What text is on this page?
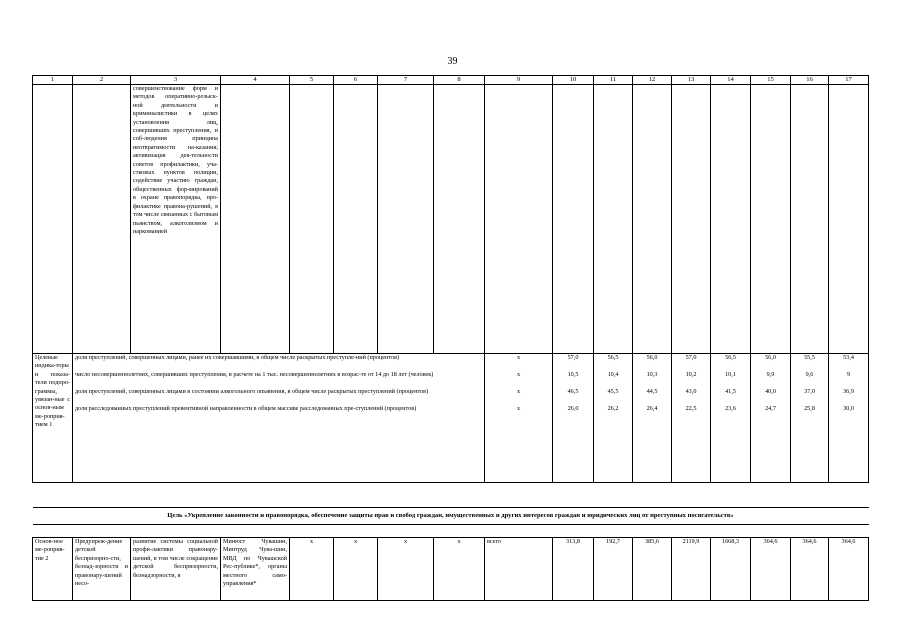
39
1	2	3	4	5	6	7	8	9	10	11	12	13	14	15	16	17
		совершенствование форм и методов оперативно-розыск-ной деятельности и криминалистики в целях установления лиц, совершивших преступления, и соб-людения принципа неотвратимости на-казания; активизация дея-тельности советов профилактики, уча-стковых пунктов полиции, содействие участию граждан, общественных фор-мирований в охране правопорядка, про-филактике правона-рушений, в том числе связанных с бытовым пьянством, алкоголизмом и наркоманией														
Целевые индика-торы и показа-тели подпро-граммы, увязан-ные с основ-ным ме-роприя-тием 1	доля преступлений, совершенных лицами, ранее их совершавшими, в общем числе раскрытых преступле-ний (процентов)							х	57,0	56,5	56,0	57,0	56,5	56,0	55,5	53,4
	число несовершеннолетних, совершивших преступления, в расчете на 1 тыс. несовершеннолетних в возрас-те от 14 до 18 лет (человек)							х	10,5	10,4	10,3	10,2	10,1	9,9	9,6	9
	доля преступлений, совершенных лицами в состоянии алкогольного опьянения, в общем числе раскрытых преступлений (процентов)							х	46,5	45,5	44,5	43,0	41,5	40,0	37,0	36,9
	доля расследованных преступлений превентивной направленности в общем массиве расследованных пре-ступлений (процентов)							х	26,0	26,2	26,4	22,5	23,6	24,7	25,8	30,0

Цель «Укрепление законности и правопорядка, обеспечение защиты прав и свобод граждан, имущественных и других интересов граждан и юридических лиц от преступных посягательств»																

Основ-ное ме-роприя-тие 2	Предупреж-дение детской беспризорно-сти, безнад-зорности и правонару-шений несо-	развитие системы социальной профи-лактики правонару-шений, в том числе сокращение детской беспризорности, безнадзорности, я	Минюст Чувашии, Минтруд Чува-шии, МВД по Чувашской Рес-публике*, органы местного само-управления*	х	х	х	х	всего	313,8	192,7	385,6	2119,9	1668,3	364,6	364,6	364,6
